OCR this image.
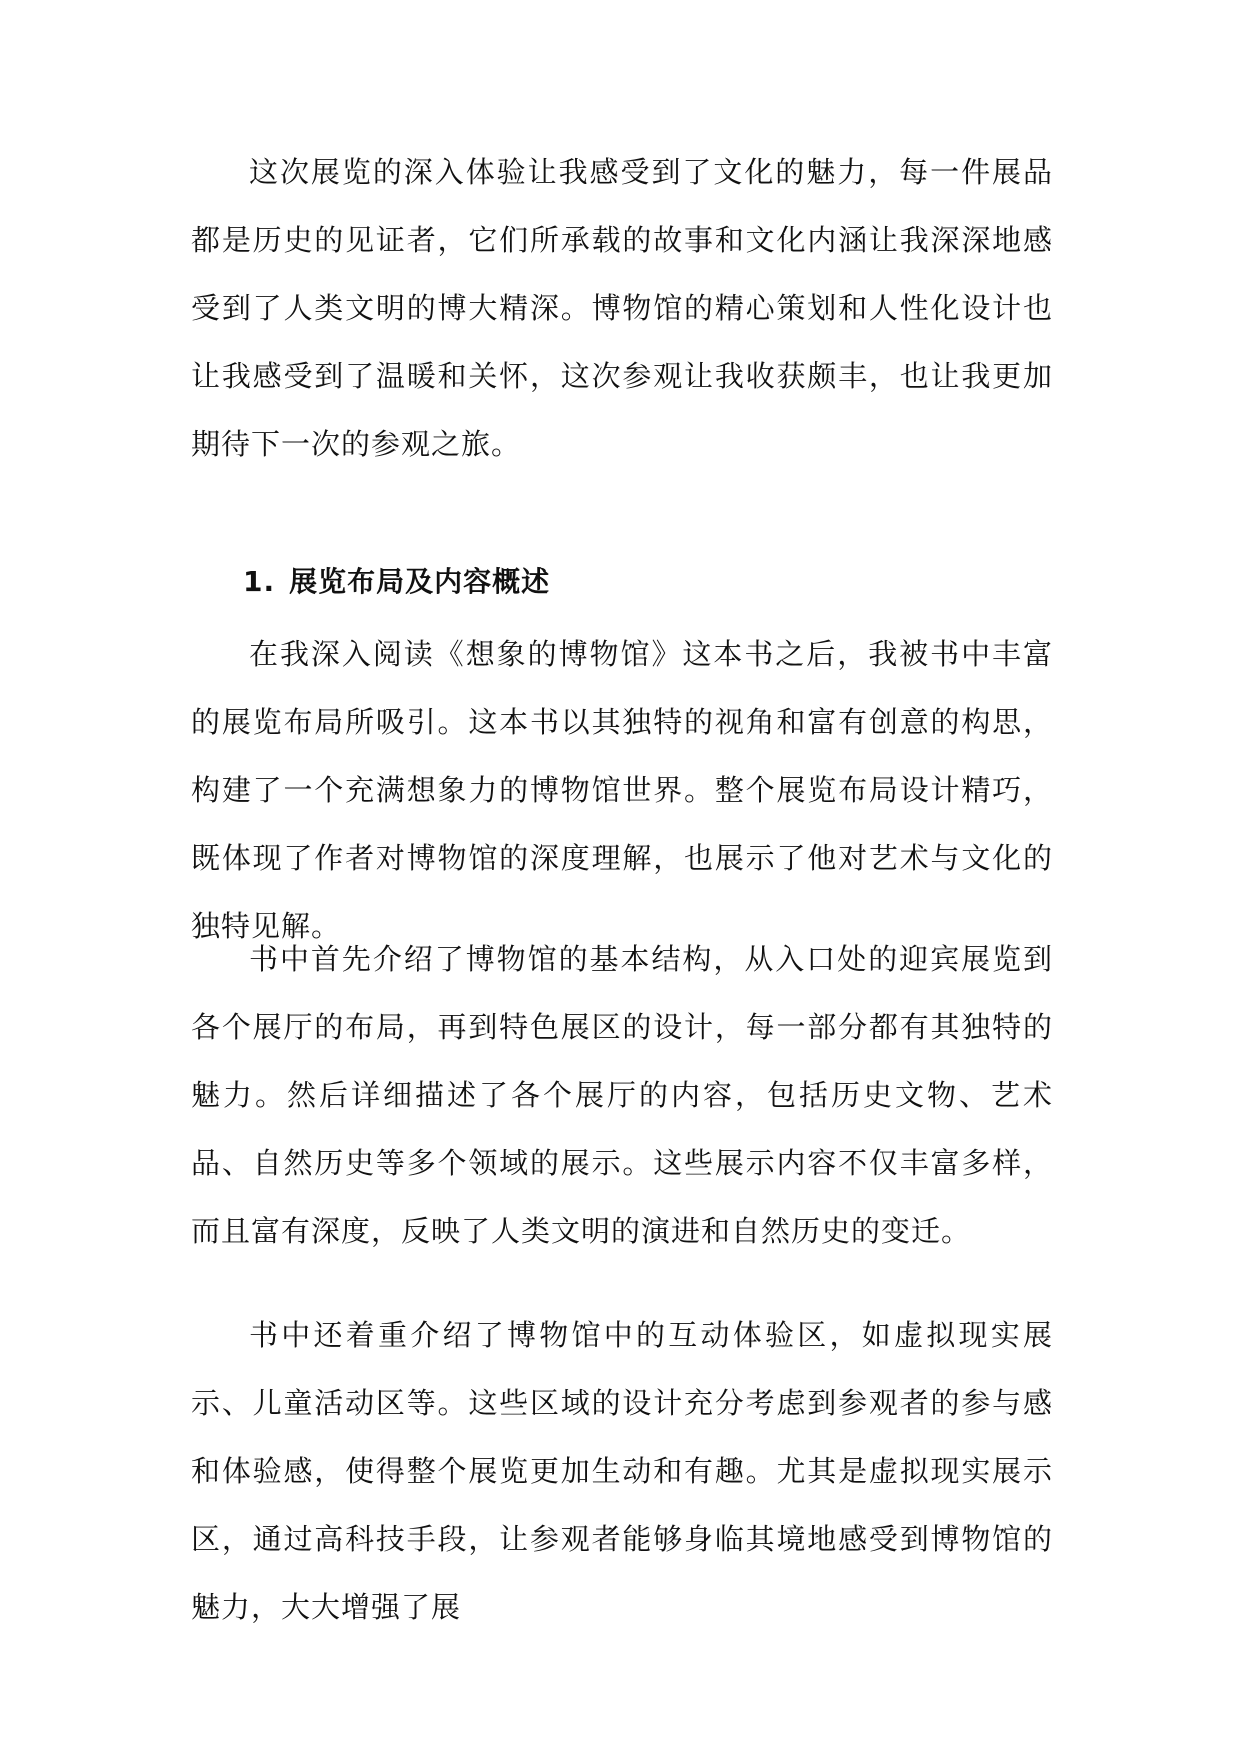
这次展览的深入体验让我感受到了文化的魅力，每一件展品都是历史的见证者，它们所承载的故事和文化内涵让我深深地感受到了人类文明的博大精深。博物馆的精心策划和人性化设计也让我感受到了温暖和关怀，这次参观让我收获颇丰，也让我更加期待下一次的参观之旅。

1. 展览布局及内容概述

在我深入阅读《想象的博物馆》这本书之后，我被书中丰富的展览布局所吸引。这本书以其独特的视角和富有创意的构思，构建了一个充满想象力的博物馆世界。整个展览布局设计精巧，既体现了作者对博物馆的深度理解，也展示了他对艺术与文化的独特见解。

书中首先介绍了博物馆的基本结构，从入口处的迎宾展览到各个展厅的布局，再到特色展区的设计，每一部分都有其独特的魅力。然后详细描述了各个展厅的内容，包括历史文物、艺术品、自然历史等多个领域的展示。这些展示内容不仅丰富多样，而且富有深度，反映了人类文明的演进和自然历史的变迁。

书中还着重介绍了博物馆中的互动体验区，如虚拟现实展示、儿童活动区等。这些区域的设计充分考虑到参观者的参与感和体验感，使得整个展览更加生动和有趣。尤其是虚拟现实展示区，通过高科技手段，让参观者能够身临其境地感受到博物馆的魅力，大大增强了展
